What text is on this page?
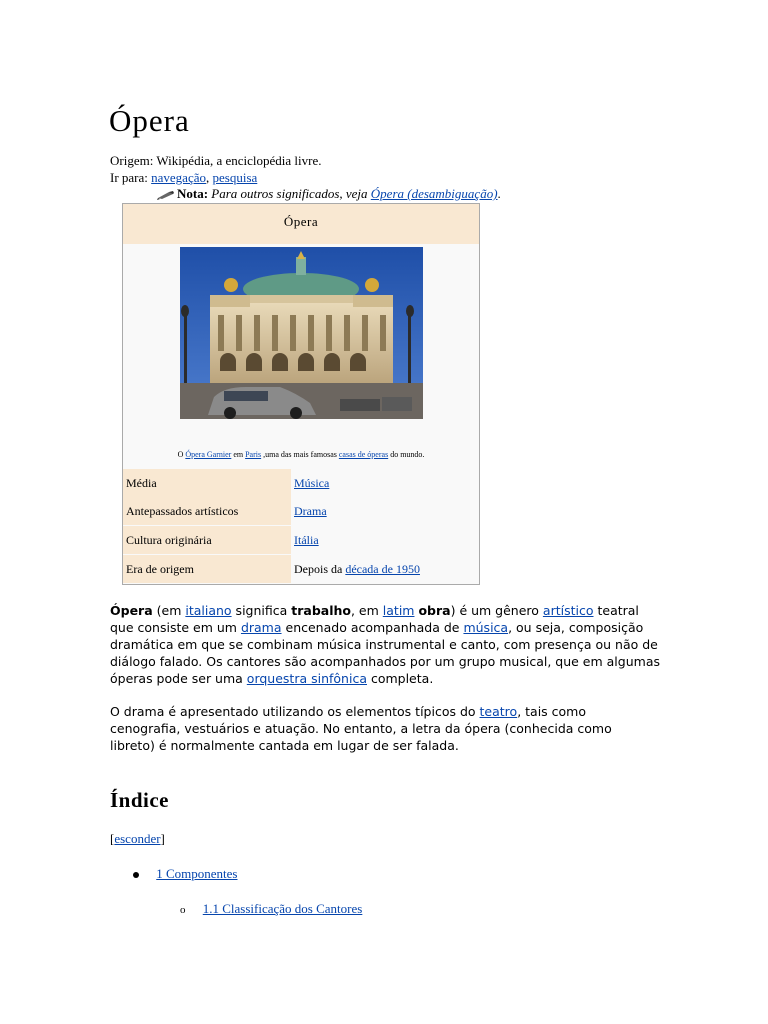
Ópera
Origem: Wikipédia, a enciclopédia livre.
Ir para: navegação, pesquisa
Nota: Para outros significados, veja Ópera (desambiguação).
Ópera
O Ópera Garnier em Paris ,uma das mais famosas casas de óperas do mundo.
Média	Música
Antepassados artísticos	Drama
Cultura originária	Itália
Era de origem	Depois da década de 1950

Ópera (em italiano significa trabalho, em latim obra) é um gênero artístico teatral que consiste em um drama encenado acompanhada de música, ou seja, composição dramática em que se combinam música instrumental e canto, com presença ou não de diálogo falado. Os cantores são acompanhados por um grupo musical, que em algumas óperas pode ser uma orquestra sinfônica completa.

O drama é apresentado utilizando os elementos típicos do teatro, tais como cenografia, vestuários e atuação. No entanto, a letra da ópera (conhecida como libreto) é normalmente cantada em lugar de ser falada.

Índice
[esconder]
1 Componentes
o 1.1 Classificação dos Cantores
